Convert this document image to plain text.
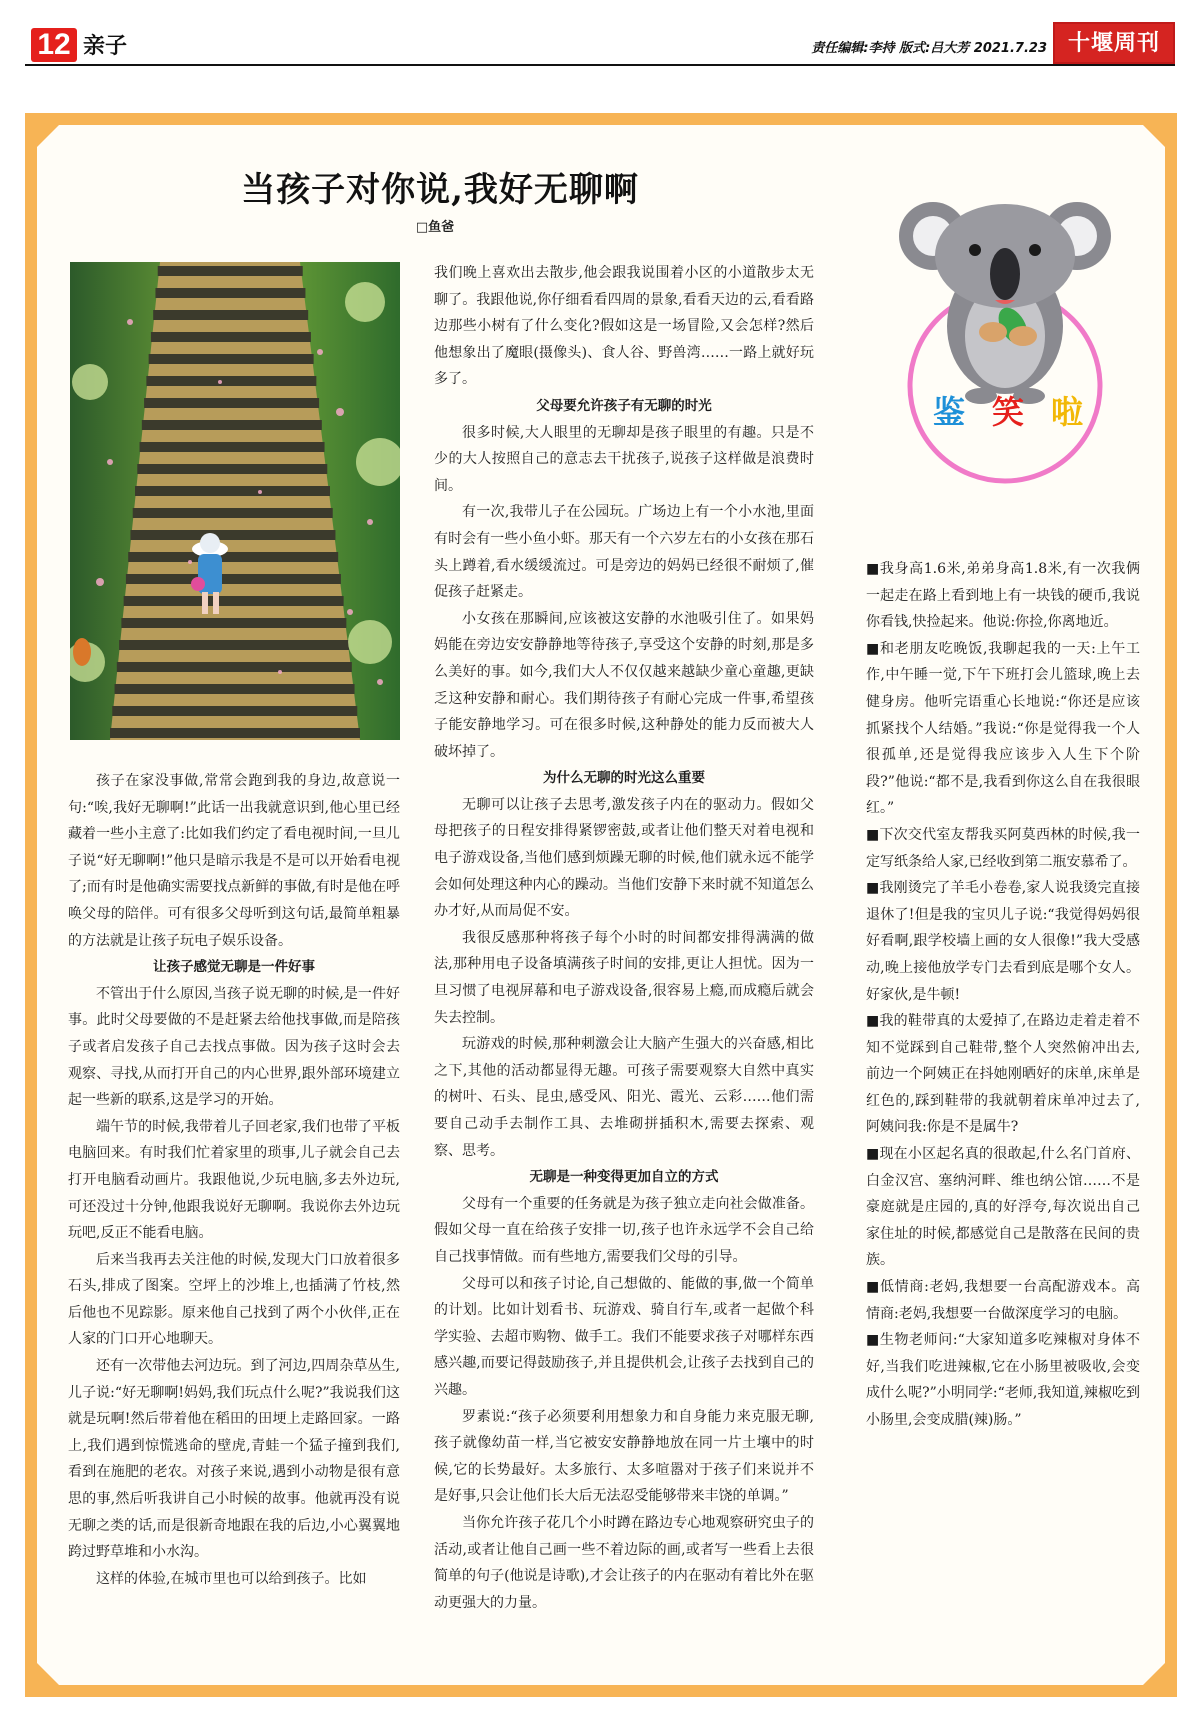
12 亲子	责任编辑:李持 版式:吕大芳 2021.7.23 十堰周刊
当孩子对你说,我好无聊啊
□鱼爸

孩子在家没事做,常常会跑到我的身边,故意说一句:“唉,我好无聊啊!”此话一出我就意识到,他心里已经藏着一些小主意了:比如我们约定了看电视时间,一旦儿子说“好无聊啊!”他只是暗示我是不是可以开始看电视了;而有时是他确实需要找点新鲜的事做,有时是他在呼唤父母的陪伴。可有很多父母听到这句话,最简单粗暴的方法就是让孩子玩电子娱乐设备。

让孩子感觉无聊是一件好事

不管出于什么原因,当孩子说无聊的时候,是一件好事。此时父母要做的不是赶紧去给他找事做,而是陪孩子或者启发孩子自己去找点事做。因为孩子这时会去观察、寻找,从而打开自己的内心世界,跟外部环境建立起一些新的联系,这是学习的开始。

端午节的时候,我带着儿子回老家,我们也带了平板电脑回来。有时我们忙着家里的琐事,儿子就会自己去打开电脑看动画片。我跟他说,少玩电脑,多去外边玩,可还没过十分钟,他跟我说好无聊啊。我说你去外边玩玩吧,反正不能看电脑。

后来当我再去关注他的时候,发现大门口放着很多石头,排成了图案。空坪上的沙堆上,也插满了竹枝,然后他也不见踪影。原来他自己找到了两个小伙伴,正在人家的门口开心地聊天。

还有一次带他去河边玩。到了河边,四周杂草丛生,儿子说:“好无聊啊!妈妈,我们玩点什么呢?”我说我们这就是玩啊!然后带着他在稻田的田埂上走路回家。一路上,我们遇到惊慌逃命的壁虎,青蛙一个猛子撞到我们,看到在施肥的老农。对孩子来说,遇到小动物是很有意思的事,然后听我讲自己小时候的故事。他就再没有说无聊之类的话,而是很新奇地跟在我的后边,小心翼翼地跨过野草堆和小水沟。

这样的体验,在城市里也可以给到孩子。比如

我们晚上喜欢出去散步,他会跟我说围着小区的小道散步太无聊了。我跟他说,你仔细看看四周的景象,看看天边的云,看看路边那些小树有了什么变化?假如这是一场冒险,又会怎样?然后他想象出了魔眼(摄像头)、食人谷、野兽湾……一路上就好玩多了。

父母要允许孩子有无聊的时光

很多时候,大人眼里的无聊却是孩子眼里的有趣。只是不少的大人按照自己的意志去干扰孩子,说孩子这样做是浪费时间。

有一次,我带儿子在公园玩。广场边上有一个小水池,里面有时会有一些小鱼小虾。那天有一个六岁左右的小女孩在那石头上蹲着,看水缓缓流过。可是旁边的妈妈已经很不耐烦了,催促孩子赶紧走。

小女孩在那瞬间,应该被这安静的水池吸引住了。如果妈妈能在旁边安安静静地等待孩子,享受这个安静的时刻,那是多么美好的事。如今,我们大人不仅仅越来越缺少童心童趣,更缺乏这种安静和耐心。我们期待孩子有耐心完成一件事,希望孩子能安静地学习。可在很多时候,这种静处的能力反而被大人破坏掉了。

为什么无聊的时光这么重要

无聊可以让孩子去思考,激发孩子内在的驱动力。假如父母把孩子的日程安排得紧锣密鼓,或者让他们整天对着电视和电子游戏设备,当他们感到烦躁无聊的时候,他们就永远不能学会如何处理这种内心的躁动。当他们安静下来时就不知道怎么办才好,从而局促不安。

我很反感那种将孩子每个小时的时间都安排得满满的做法,那种用电子设备填满孩子时间的安排,更让人担忧。因为一旦习惯了电视屏幕和电子游戏设备,很容易上瘾,而成瘾后就会失去控制。

玩游戏的时候,那种刺激会让大脑产生强大的兴奋感,相比之下,其他的活动都显得无趣。可孩子需要观察大自然中真实的树叶、石头、昆虫,感受风、阳光、霞光、云彩……他们需要自己动手去制作工具、去堆砌拼插积木,需要去探索、观察、思考。

无聊是一种变得更加自立的方式

父母有一个重要的任务就是为孩子独立走向社会做准备。假如父母一直在给孩子安排一切,孩子也许永远学不会自己给自己找事情做。而有些地方,需要我们父母的引导。

父母可以和孩子讨论,自己想做的、能做的事,做一个简单的计划。比如计划看书、玩游戏、骑自行车,或者一起做个科学实验、去超市购物、做手工。我们不能要求孩子对哪样东西感兴趣,而要记得鼓励孩子,并且提供机会,让孩子去找到自己的兴趣。

罗素说:“孩子必须要利用想象力和自身能力来克服无聊,孩子就像幼苗一样,当它被安安静静地放在同一片土壤中的时候,它的长势最好。太多旅行、太多喧嚣对于孩子们来说并不是好事,只会让他们长大后无法忍受能够带来丰饶的单调。”

当你允许孩子花几个小时蹲在路边专心地观察研究虫子的活动,或者让他自己画一些不着边际的画,或者写一些看上去很简单的句子(他说是诗歌),才会让孩子的内在驱动有着比外在驱动更强大的力量。

鉴 笑 啦

■我身高1.6米,弟弟身高1.8米,有一次我俩一起走在路上看到地上有一块钱的硬币,我说你看钱,快捡起来。他说:你捡,你离地近。

■和老朋友吃晚饭,我聊起我的一天:上午工作,中午睡一觉,下午下班打会儿篮球,晚上去健身房。他听完语重心长地说:“你还是应该抓紧找个人结婚。”我说:“你是觉得我一个人很孤单,还是觉得我应该步入人生下个阶段?”他说:“都不是,我看到你这么自在我很眼红。”

■下次交代室友帮我买阿莫西林的时候,我一定写纸条给人家,已经收到第二瓶安慕希了。

■我刚烫完了羊毛小卷卷,家人说我烫完直接退休了!但是我的宝贝儿子说:“我觉得妈妈很好看啊,跟学校墙上画的女人很像!”我大受感动,晚上接他放学专门去看到底是哪个女人。好家伙,是牛顿!

■我的鞋带真的太爱掉了,在路边走着走着不知不觉踩到自己鞋带,整个人突然俯冲出去,前边一个阿姨正在抖她刚晒好的床单,床单是红色的,踩到鞋带的我就朝着床单冲过去了,阿姨问我:你是不是属牛?

■现在小区起名真的很敢起,什么名门首府、白金汉宫、塞纳河畔、维也纳公馆……不是豪庭就是庄园的,真的好浮夸,每次说出自己家住址的时候,都感觉自己是散落在民间的贵族。

■低情商:老妈,我想要一台高配游戏本。高情商:老妈,我想要一台做深度学习的电脑。

■生物老师问:“大家知道多吃辣椒对身体不好,当我们吃进辣椒,它在小肠里被吸收,会变成什么呢?”小明同学:“老师,我知道,辣椒吃到小肠里,会变成腊(辣)肠。”
